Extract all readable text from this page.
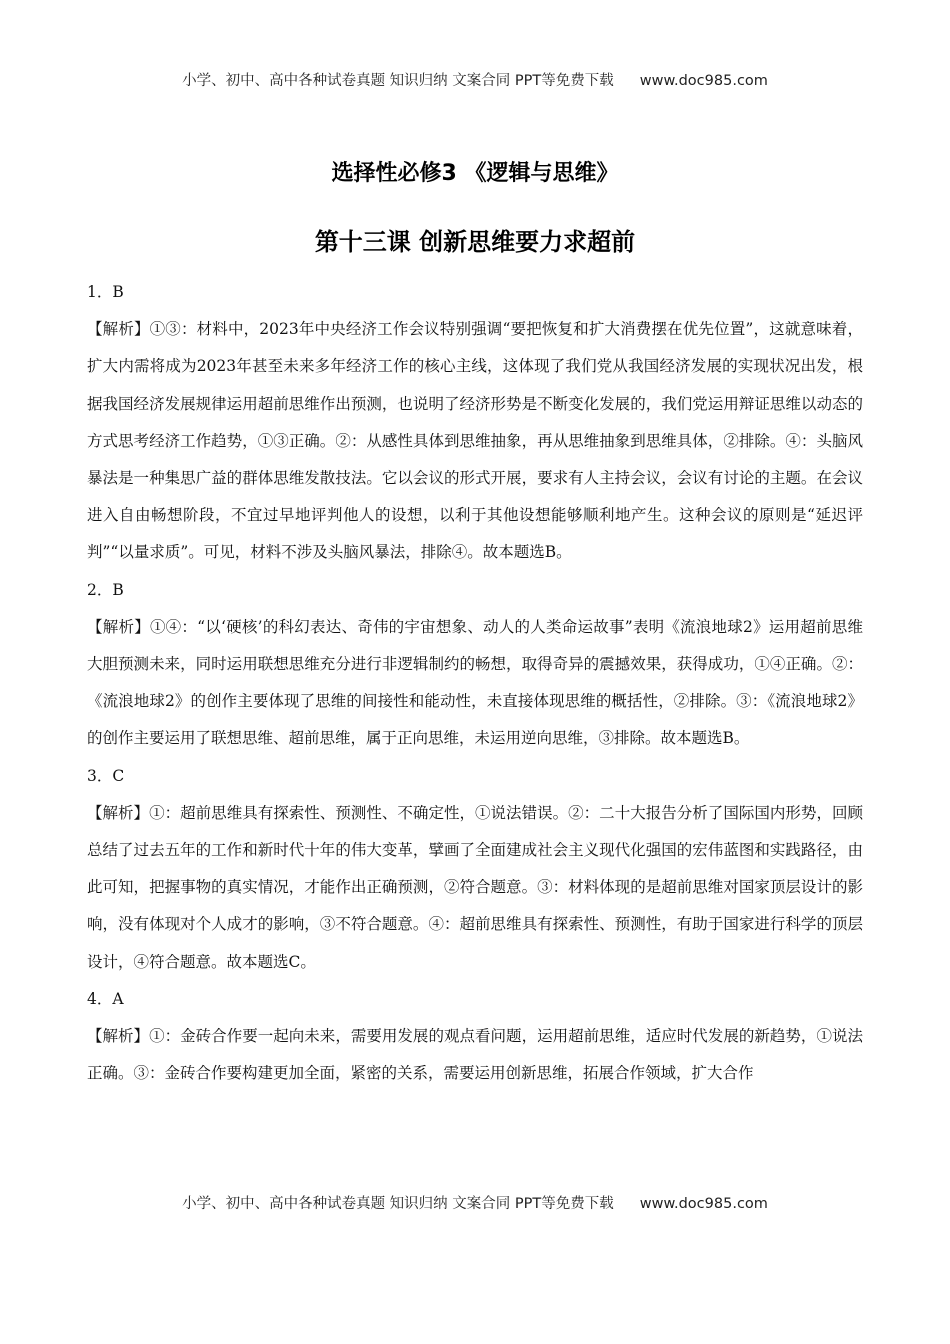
小学、初中、高中各种试卷真题 知识归纳 文案合同 PPT等免费下载 www.doc985.com
选择性必修3 《逻辑与思维》
第十三课 创新思维要力求超前
1．B

【解析】①③：材料中，2023年中央经济工作会议特别强调“要把恢复和扩大消费摆在优先位置”，这就意味着，扩大内需将成为2023年甚至未来多年经济工作的核心主线，这体现了我们党从我国经济发展的实现状况出发，根据我国经济发展规律运用超前思维作出预测，也说明了经济形势是不断变化发展的，我们党运用辩证思维以动态的方式思考经济工作趋势，①③正确。②：从感性具体到思维抽象，再从思维抽象到思维具体，②排除。④：头脑风暴法是一种集思广益的群体思维发散技法。它以会议的形式开展，要求有人主持会议，会议有讨论的主题。在会议进入自由畅想阶段，不宜过早地评判他人的设想，以利于其他设想能够顺利地产生。这种会议的原则是“延迟评判”“以量求质”。可见，材料不涉及头脑风暴法，排除④。故本题选B。

2．B

【解析】①④：“以‘硬核’的科幻表达、奇伟的宇宙想象、动人的人类命运故事”表明《流浪地球2》运用超前思维大胆预测未来，同时运用联想思维充分进行非逻辑制约的畅想，取得奇异的震撼效果，获得成功，①④正确。②：《流浪地球2》的创作主要体现了思维的间接性和能动性，未直接体现思维的概括性，②排除。③：《流浪地球2》的创作主要运用了联想思维、超前思维，属于正向思维，未运用逆向思维，③排除。故本题选B。

3．C

【解析】①：超前思维具有探索性、预测性、不确定性，①说法错误。②：二十大报告分析了国际国内形势，回顾总结了过去五年的工作和新时代十年的伟大变革，擘画了全面建成社会主义现代化强国的宏伟蓝图和实践路径，由此可知，把握事物的真实情况，才能作出正确预测，②符合题意。③：材料体现的是超前思维对国家顶层设计的影响，没有体现对个人成才的影响，③不符合题意。④：超前思维具有探索性、预测性，有助于国家进行科学的顶层设计，④符合题意。故本题选C。

4．A

【解析】①：金砖合作要一起向未来，需要用发展的观点看问题，运用超前思维，适应时代发展的新趋势，①说法正确。③：金砖合作要构建更加全面，紧密的关系，需要运用创新思维，拓展合作领域，扩大合作

小学、初中、高中各种试卷真题 知识归纳 文案合同 PPT等免费下载 www.doc985.com
